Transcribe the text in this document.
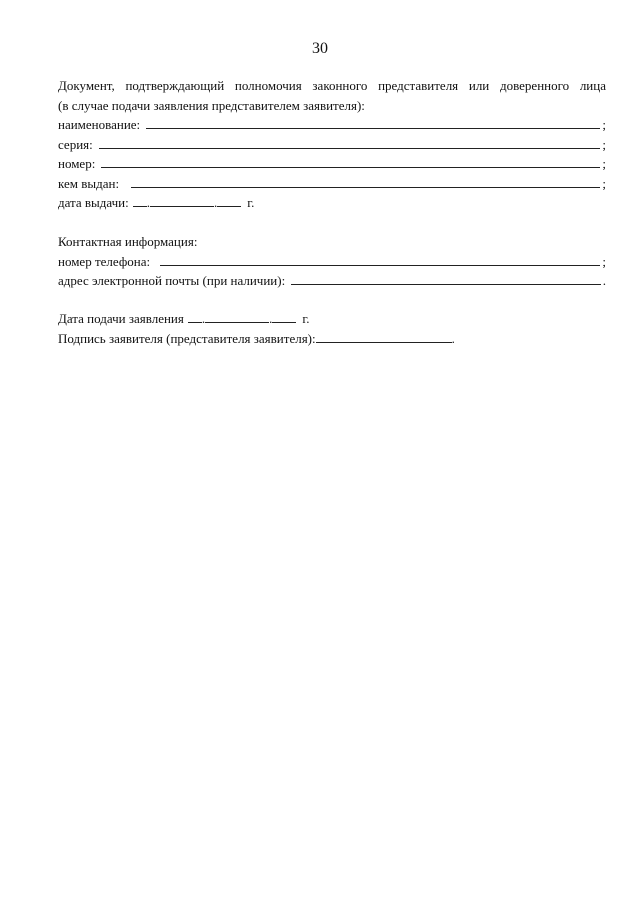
30
Документ, подтверждающий полномочия законного представителя или доверенного лица
(в случае подачи заявления представителем заявителя):
наименование:	;
серия:	;
номер:	;
кем выдан:	;
дата выдачи: .	. г.
Контактная информация:
номер телефона:	;
адрес электронной почты (при наличии):	.
Дата подачи заявления .	. г.
Подпись заявителя (представителя заявителя):	.
